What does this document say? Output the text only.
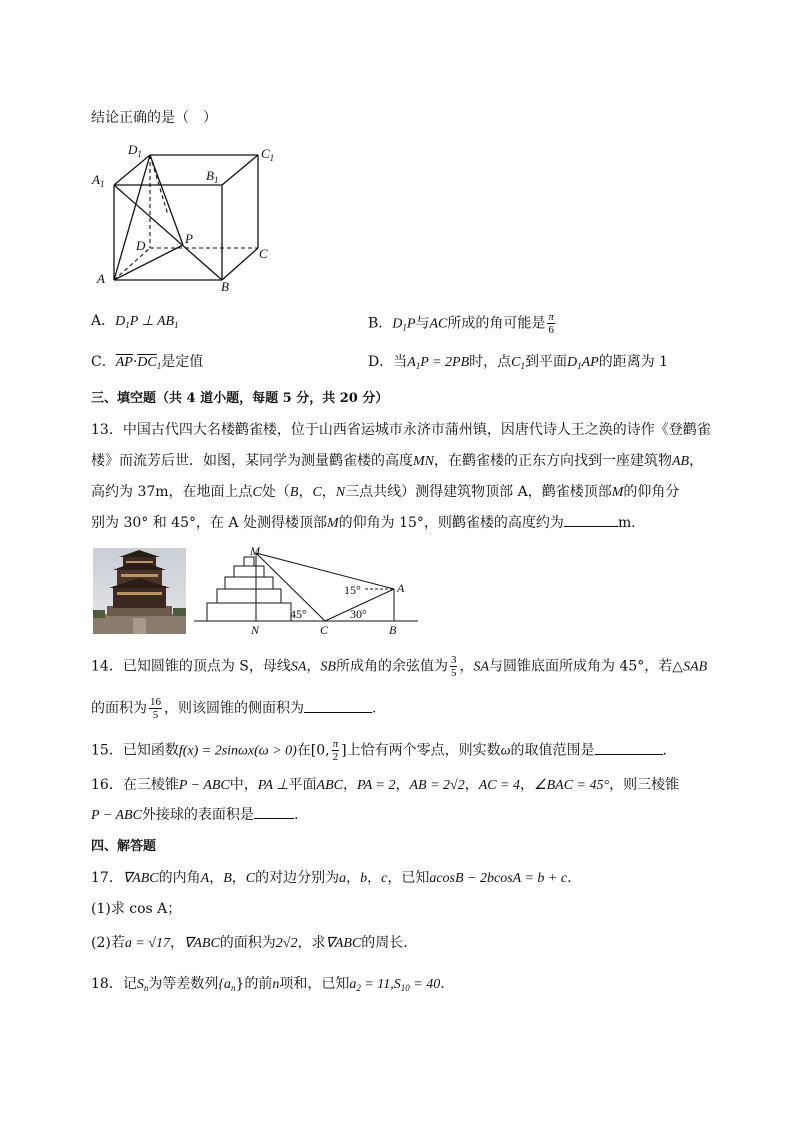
结论正确的是（　）
$D_1$	$C_1$
$A_1$
$B_1$
P
D
C
A
B
A．$D_1P$ ⊥ $AB_1$	B．$D_1P$与AC所成的角可能是 $\frac{\pi}{6}$
C．$\overline{AP}\cdot\overline{DC}_1$是定值	D．当$A_1P = 2PB$时，点$C_1$到平面$D_1AP$的距离为 1
三、填空题（共 4 道小题，每题 5 分，共 20 分）
13．中国古代四大名楼鹳雀楼，位于山西省运城市永济市蒲州镇，因唐代诗人王之涣的诗作《登鹳雀
楼》而流芳后世．如图，某同学为测量鹳雀楼的高度MN，在鹳雀楼的正东方向找到一座建筑物AB，
高约为 37m，在地面上点C处（B，C，N三点共线）测得建筑物顶部 A，鹳雀楼顶部M的仰角分
别为 30° 和 45°，在 A 处测得楼顶部M的仰角为 15°，则鹳雀楼的高度约为	m．
M
A
N	C	B
15°
45°	30°
14．已知圆锥的顶点为 S，母线SA，SB所成角的余弦值为 $\frac{3}{5}$ ，SA与圆锥底面所成角为 45°，若△SAB
的面积为 $\frac{16}{5}$ ，则该圆锥的侧面积为	.
15．已知函数f(x) = 2sinωx(ω > 0)在[0, $\frac{\pi}{2}$ ]上恰有两个零点，则实数ω的取值范围是	.
16．在三棱锥P − ABC中，PA ⊥平面ABC，PA = 2，AB = 2√2，AC = 4，∠BAC = 45°，则三棱锥
P − ABC外接球的表面积是	.
四、解答题
17．∇ABC的内角A，B，C的对边分别为a，b，c，已知acosB − 2bcosA = b + c.
(1)求 cos A；
(2)若a = √17，∇ABC的面积为2√2，求∇ABC的周长.
18．记$S_n$为等差数列$\{a_n\}$的前n项和，已知$a_2 = 11,S_{10} = 40$.
